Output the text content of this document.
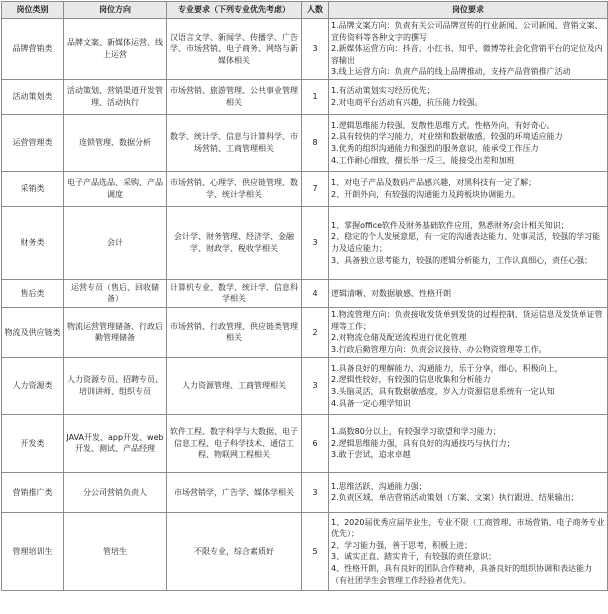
岗位类别	岗位方向	专业要求（下列专业优先考虑）	人数	岗位要求
品牌营销类	品牌文案、新媒体运营、线上运营	汉语言文学、新闻学、传播学、广告学、市场营销、电子商务、网络与新媒体相关	3	1.品牌文案方向：负责有关公司品牌宣传的行业新闻、公司新闻、营销文案、宣传资料等各种文字的撰写
2.新媒体运营方向：抖音、小红书、知乎、微博等社会化营销平台的定位及内容输出
3.线上运营方向：负责产品的线上品牌推动，支持产品营销推广活动

活动策划类	活动策划、营销渠道开发管理、活动执行	市场营销、旅游管理、公共事业管理相关	1	1.有活动策划实习经历优先；
2.对电商平台活动有兴趣，抗压能力较强。

运营管理类	连锁管理、数据分析	数学、统计学、信息与计算科学、市场营销、工商管理相关	8	1.逻辑思维能力较强，发散性思维方式。性格外向，有好奇心。
2.具有较快的学习能力，对业绩和数据敏感，较强的环境适应能力
3.优秀的组织沟通能力和强烈的服务意识，能承受工作压力
4.工作耐心细致，擅长举一反三，能接受出差和加班

采销类	电子产品选品、采购、产品调度	市场营销、心理学、供应链管理、数学、统计学相关	7	1、对电子产品及数码产品感兴趣，对黑科技有一定了解；
2、开朗外向，有较强的沟通能力及跨板块协调能力。

财务类	会计	会计学、财务管理、经济学、金融学、财政学、税收学相关	3	1、掌握office软件及财务基础软件应用，熟悉财务/会计相关知识；
2、稳定的个人发展意愿，有一定的沟通表达能力、处事灵活，较强的学习能力及适应能力；
3、具备独立思考能力，较强的逻辑分析能力，工作认真细心，责任心强；

售后类	运营专员（售后、回收储备）	计算机专业、数学、统计学、信息科学相关	4	逻辑清晰、对数据敏感、性格开朗

物流及供应链类	物流运营管理储备、行政后勤管理储备	市场营销、行政管理、供应链类管理相关	2	1.物流管理方向：负责接收发货单到发货的过程控制、货运信息及发货单证管理等工作；
2.对物流仓储及配送流程进行优化管理
3.行政后勤管理方向：负责会议接待、办公物资管理等工作。

人力资源类	人力资源专员、招聘专员、培训讲师、组织专员	人力资源管理、工商管理相关	3	1.具备良好的理解能力、沟通能力，乐于分享，细心，积极向上，
2.逻辑性较好，有较强的信息收集和分析能力
3.头脑灵活，具有数据敏感度，岁入力资源信息系统有一定认知
4.具备一定心理学知识

开发类	JAVA开发、app开发、web开发、测试、产品经理	软件工程、数字科学与大数据、电子信息工程、电子科学技术、通信工程、物联网工程相关	6	1.高数80分以上，有较强学习欲望和学习能力；
2.逻辑思维能力强，具有良好的沟通技巧与执行力；
3.敢于尝试，追求卓越

营销推广类	分公司营销负责人	市场营销学，广告学、媒体学相关	3	1.思维活跃、沟通能力强；
2.负责区域、单店营销活动策划（方案、文案）执行跟进、结果输出；

管理培训生	管培生	不限专业，综合素质好	5	1、2020届优秀应届毕业生，专业不限（工商管理、市场营销、电子商务专业优先）；
2、学习能力强，善于思考，积极上进；
3、诚实正直、踏实肯干，有较强的责任意识；
4、性格开朗，具有良好的团队合作精神，具备良好的组织协调和表达能力（有社团学生会管理工作经验者优先）。
